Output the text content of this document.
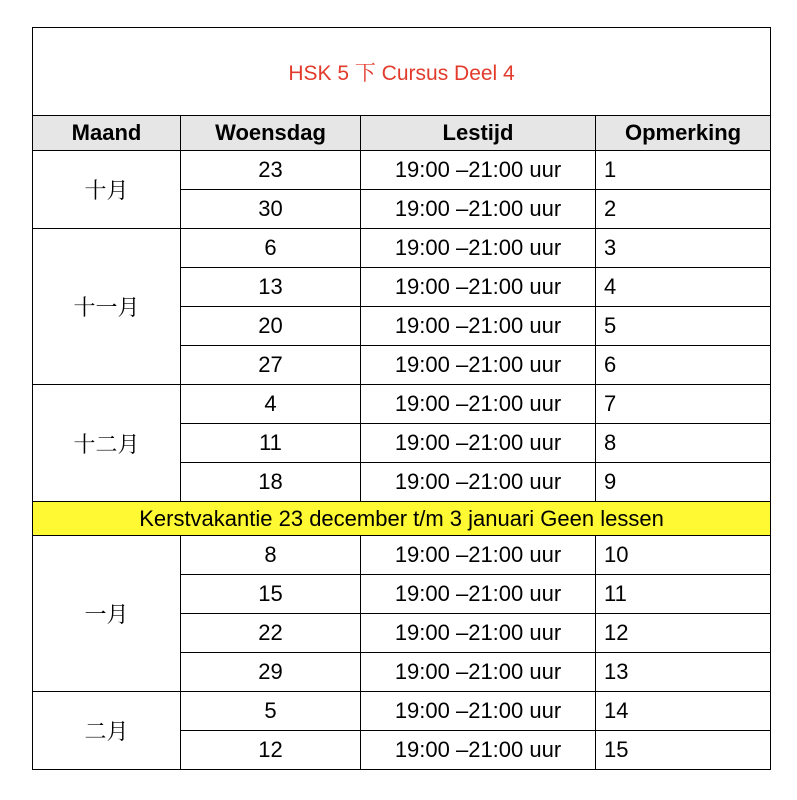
HSK 5 下 Cursus Deel 4			
Maand	Woensdag	Lestijd	Opmerking
十月	23	19:00 –21:00 uur	1
	30	19:00 –21:00 uur	2
十一月	6	19:00 –21:00 uur	3
	13	19:00 –21:00 uur	4
	20	19:00 –21:00 uur	5
	27	19:00 –21:00 uur	6
十二月	4	19:00 –21:00 uur	7
	11	19:00 –21:00 uur	8
	18	19:00 –21:00 uur	9
Kerstvakantie 23 december t/m 3 januari Geen lessen			
一月	8	19:00 –21:00 uur	10
	15	19:00 –21:00 uur	11
	22	19:00 –21:00 uur	12
	29	19:00 –21:00 uur	13
二月	5	19:00 –21:00 uur	14
	12	19:00 –21:00 uur	15
